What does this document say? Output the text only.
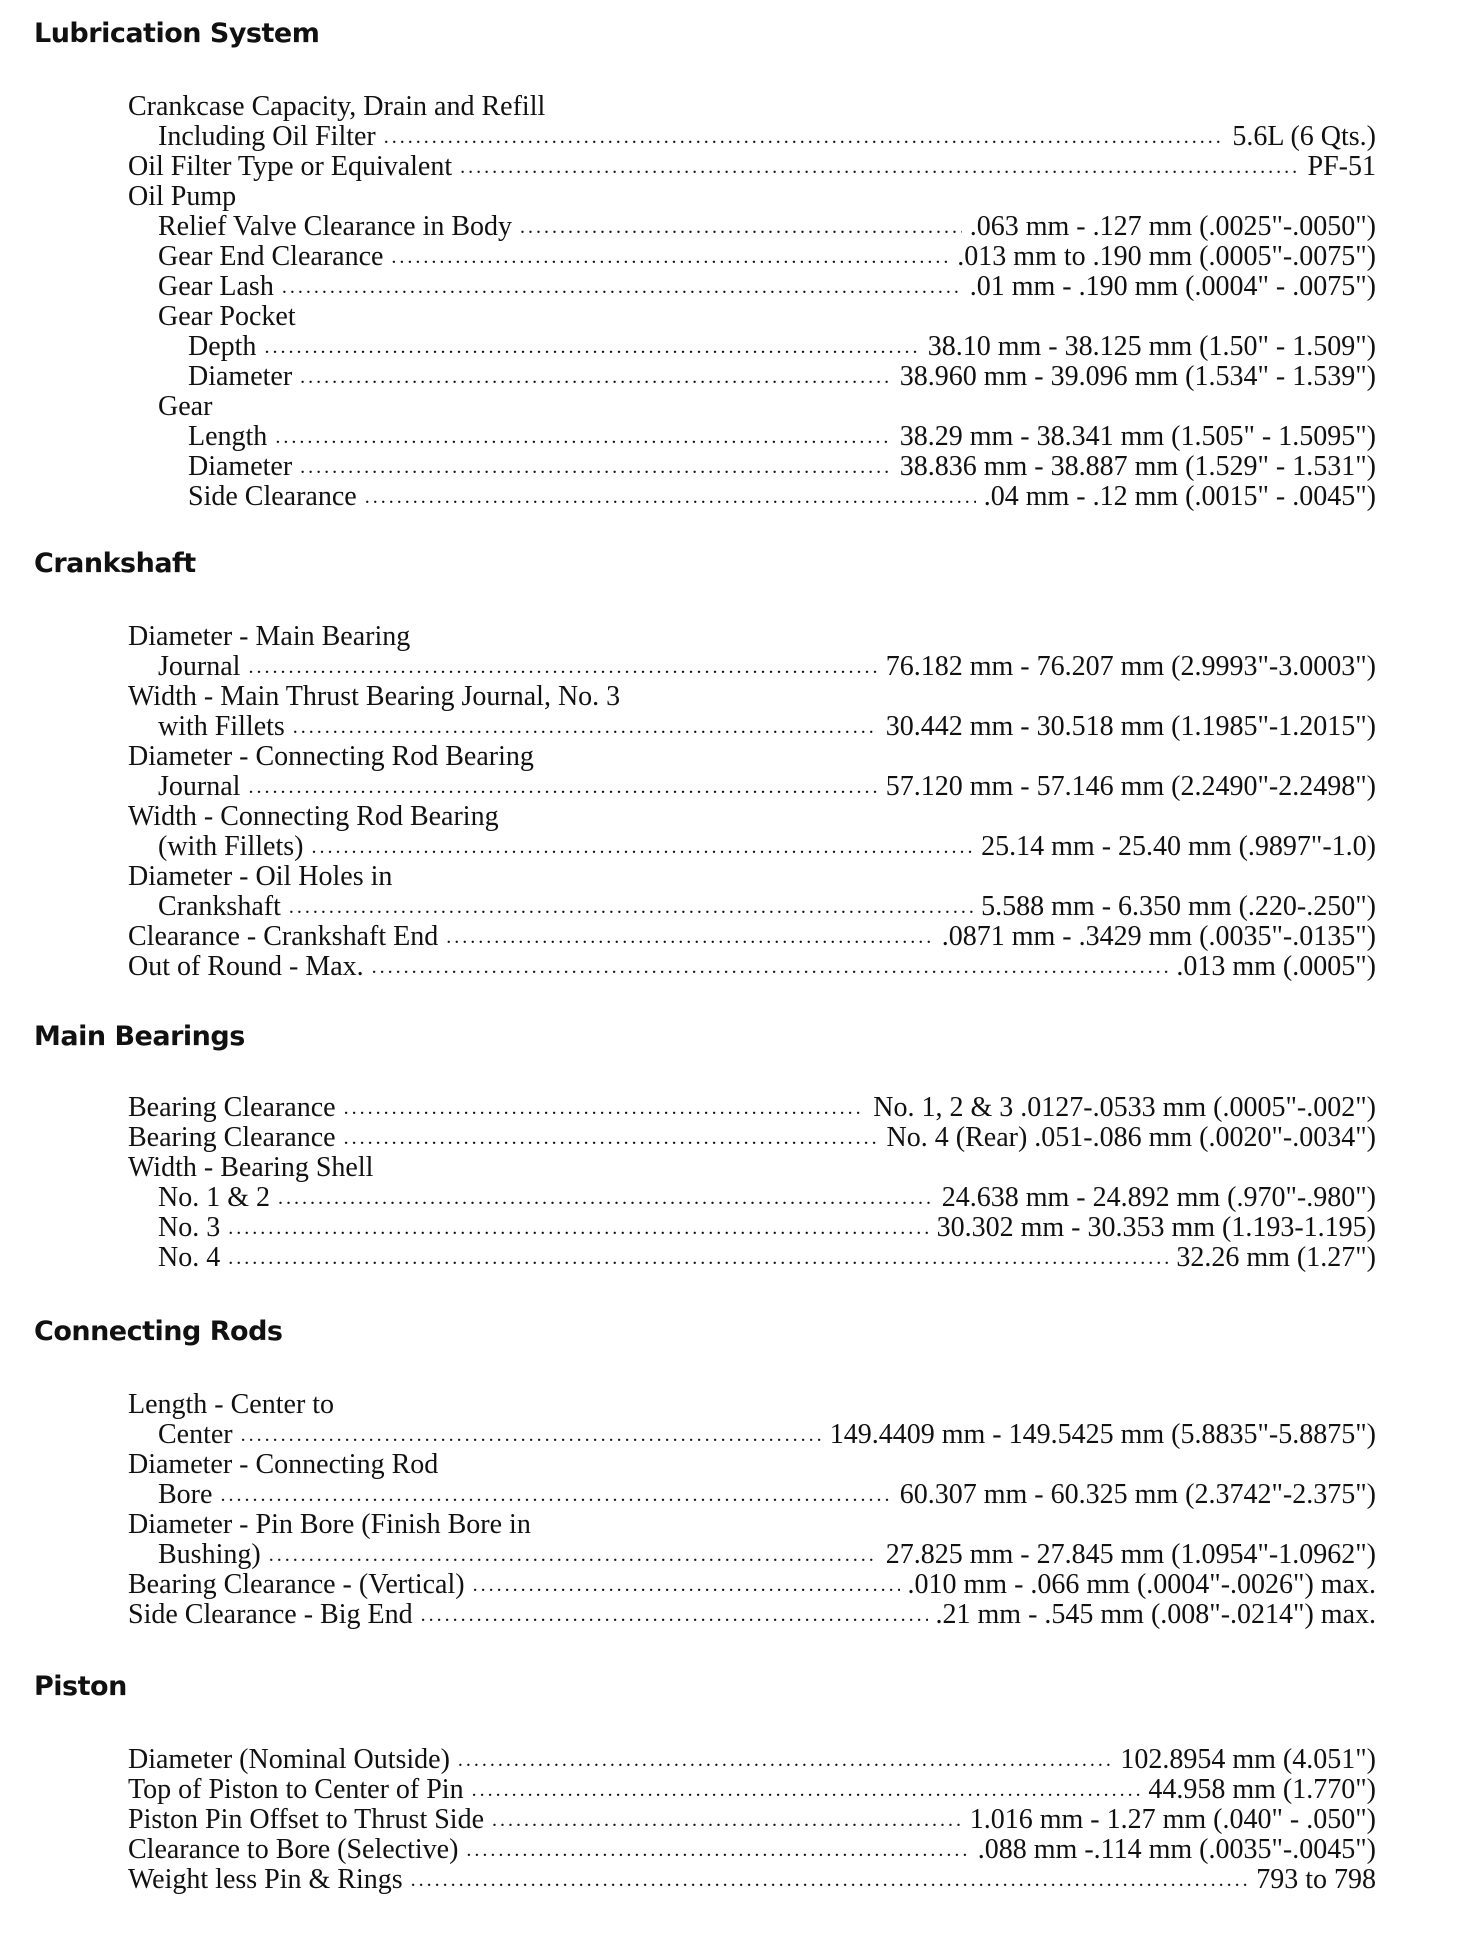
Lubrication System
Crankcase Capacity, Drain and Refill
Including Oil Filter .....	5.6L (6 Qts.)
Oil Filter Type or Equivalent .....	PF-51
Oil Pump
Relief Valve Clearance in Body .....	.063 mm - .127 mm (.0025"-.0050")
Gear End Clearance .....	.013 mm to .190 mm (.0005"-.0075")
Gear Lash .....	.01 mm - .190 mm (.0004" - .0075")
Gear Pocket
Depth .....	38.10 mm - 38.125 mm (1.50" - 1.509")
Diameter .....	38.960 mm - 39.096 mm (1.534" - 1.539")
Gear
Length .....	38.29 mm - 38.341 mm (1.505" - 1.5095")
Diameter .....	38.836 mm - 38.887 mm (1.529" - 1.531")
Side Clearance .....	.04 mm - .12 mm (.0015" - .0045")
Crankshaft
Diameter - Main Bearing
Journal .....	76.182 mm - 76.207 mm (2.9993"-3.0003")
Width - Main Thrust Bearing Journal, No. 3
with Fillets .....	30.442 mm - 30.518 mm (1.1985"-1.2015")
Diameter - Connecting Rod Bearing
Journal .....	57.120 mm - 57.146 mm (2.2490"-2.2498")
Width - Connecting Rod Bearing
(with Fillets) .....	25.14 mm - 25.40 mm (.9897"-1.0)
Diameter - Oil Holes in
Crankshaft .....	5.588 mm - 6.350 mm (.220-.250")
Clearance - Crankshaft End .....	.0871 mm - .3429 mm (.0035"-.0135")
Out of Round - Max. .....	.013 mm (.0005")
Main Bearings
Bearing Clearance .....	No. 1, 2 & 3 .0127-.0533 mm (.0005"-.002")
Bearing Clearance .....	No. 4 (Rear) .051-.086 mm (.0020"-.0034")
Width - Bearing Shell
No. 1 & 2 .....	24.638 mm - 24.892 mm (.970"-.980")
No. 3 .....	30.302 mm - 30.353 mm (1.193-1.195)
No. 4 .....	32.26 mm (1.27")
Connecting Rods
Length - Center to
Center .....	149.4409 mm - 149.5425 mm (5.8835"-5.8875")
Diameter - Connecting Rod
Bore .....	60.307 mm - 60.325 mm (2.3742"-2.375")
Diameter - Pin Bore (Finish Bore in
Bushing) .....	27.825 mm - 27.845 mm (1.0954"-1.0962")
Bearing Clearance - (Vertical) .....	.010 mm - .066 mm (.0004"-.0026") max.
Side Clearance - Big End .....	.21 mm - .545 mm (.008"-.0214") max.
Piston
Diameter (Nominal Outside) .....	102.8954 mm (4.051")
Top of Piston to Center of Pin .....	44.958 mm (1.770")
Piston Pin Offset to Thrust Side .....	1.016 mm - 1.27 mm (.040" - .050")
Clearance to Bore (Selective) .....	.088 mm -.114 mm (.0035"-.0045")
Weight less Pin & Rings .....	793 to 798
